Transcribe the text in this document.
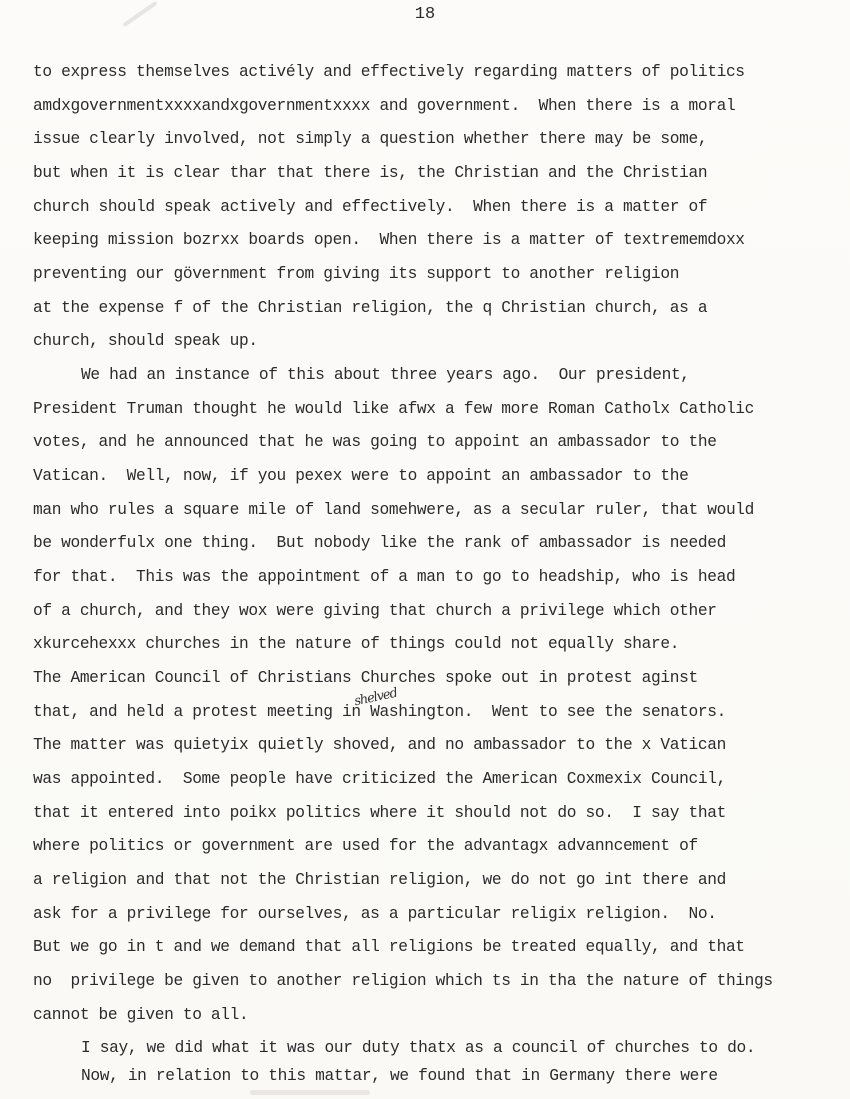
18
to express themselves activély and effectively regarding matters of politics
amdxgovernmentxxxxandxgovernmentxxxx and government.  When there is a moral
issue clearly involved, not simply a question whether there may be some,
but when it is clear thar that there is, the Christian and the Christian
church should speak actively and effectively.  When there is a matter of
keeping mission bozrxx boards open.  When there is a matter of textrememdoxx
preventing our gövernment from giving its support to another religion
at the expense f of the Christian religion, the q Christian church, as a
church, should speak up.
We had an instance of this about three years ago.  Our president,
President Truman thought he would like afwx a few more Roman Catholx Catholic
votes, and he announced that he was going to appoint an ambassador to the
Vatican.  Well, now, if you pexex were to appoint an ambassador to the
man who rules a square mile of land somehwere, as a secular ruler, that would
be wonderfulx one thing.  But nobody like the rank of ambassador is needed
for that.  This was the appointment of a man to go to headship, who is head
of a church, and they wox were giving that church a privilege which other
xkurcehexxx churches in the nature of things could not equally share.
The American Council of Christians Churches spoke out in protest aginst
that, and held a protest meeting in Washington.  Went to see the senators.
The matter was quietyix quietly shoved, and no ambassador to the x Vatican
was appointed.  Some people have criticized the American Coxmexix Council,
that it entered into poikx politics where it should not do so.  I say that
where politics or government are used for the advantagx advanncement of
a religion and that not the Christian religion, we do not go int there and
ask for a privilege for ourselves, as a particular religix religion.  No.
But we go in t and we demand that all religions be treated equally, and that
no  privilege be given to another religion which ts in tha the nature of things
cannot be given to all.
I say, we did what it was our duty thatx as a council of churches to do.
Now, in relation to this mattar, we found that in Germany there were
shelved
